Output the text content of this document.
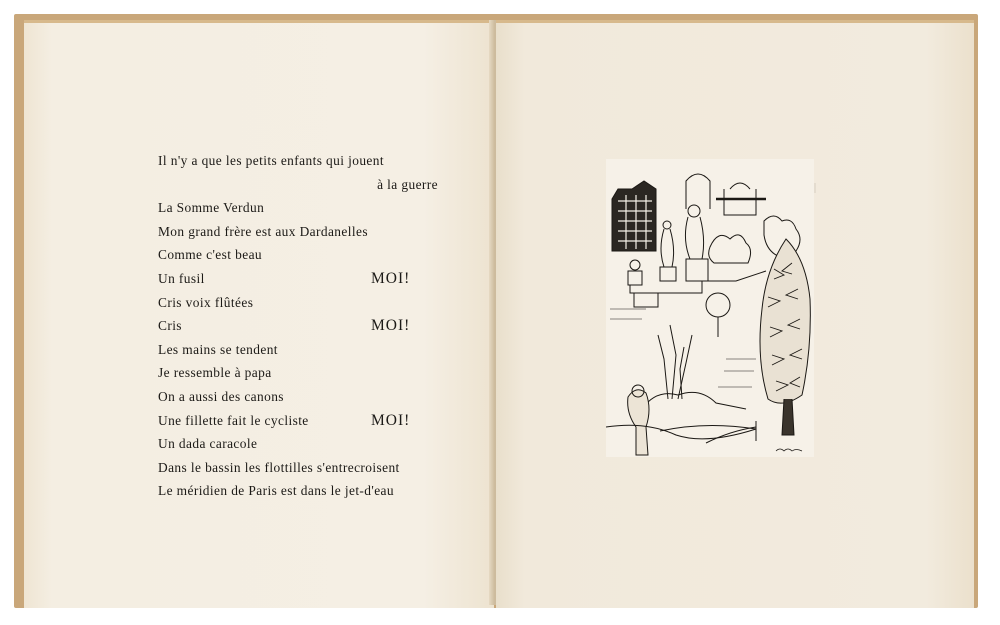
Il n'y a que les petits enfants qui jouent
à la guerre
La Somme Verdun
Mon grand frère est aux Dardanelles
Comme c'est beau
Un fusil	MOI!
Cris voix flûtées
Cris	MOI!
Les mains se tendent
Je ressemble à papa
On a aussi des canons
Une fillette fait le cycliste	MOI!
Un dada caracole
Dans le bassin les flottilles s'entrecroisent
Le méridien de Paris est dans le jet-d'eau
